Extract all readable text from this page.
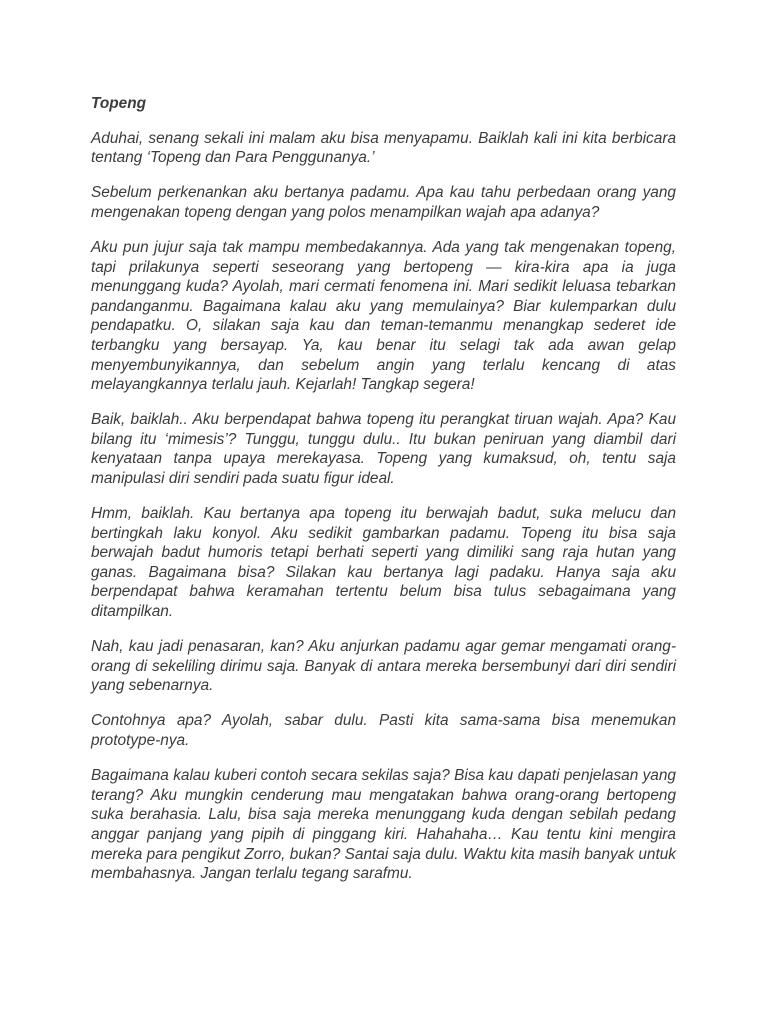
Topeng

Aduhai, senang sekali ini malam aku bisa menyapamu. Baiklah kali ini kita berbicara tentang ‘Topeng dan Para Penggunanya.’

Sebelum perkenankan aku bertanya padamu. Apa kau tahu perbedaan orang yang mengenakan topeng dengan yang polos menampilkan wajah apa adanya?

Aku pun jujur saja tak mampu membedakannya. Ada yang tak mengenakan topeng, tapi prilakunya seperti seseorang yang bertopeng — kira-kira apa ia juga menunggang kuda? Ayolah, mari cermati fenomena ini. Mari sedikit leluasa tebarkan pandanganmu. Bagaimana kalau aku yang memulainya? Biar kulemparkan dulu pendapatku. O, silakan saja kau dan teman-temanmu menangkap sederet ide terbangku yang bersayap. Ya, kau benar itu selagi tak ada awan gelap menyembunyikannya, dan sebelum angin yang terlalu kencang di atas melayangkannya terlalu jauh. Kejarlah! Tangkap segera!

Baik, baiklah.. Aku berpendapat bahwa topeng itu perangkat tiruan wajah. Apa? Kau bilang itu ‘mimesis’? Tunggu, tunggu dulu.. Itu bukan peniruan yang diambil dari kenyataan tanpa upaya merekayasa. Topeng yang kumaksud, oh, tentu saja manipulasi diri sendiri pada suatu figur ideal.

Hmm, baiklah. Kau bertanya apa topeng itu berwajah badut, suka melucu dan bertingkah laku konyol. Aku sedikit gambarkan padamu. Topeng itu bisa saja berwajah badut humoris tetapi berhati seperti yang dimiliki sang raja hutan yang ganas. Bagaimana bisa? Silakan kau bertanya lagi padaku. Hanya saja aku berpendapat bahwa keramahan tertentu belum bisa tulus sebagaimana yang ditampilkan.

Nah, kau jadi penasaran, kan? Aku anjurkan padamu agar gemar mengamati orang-orang di sekeliling dirimu saja. Banyak di antara mereka bersembunyi dari diri sendiri yang sebenarnya.

Contohnya apa? Ayolah, sabar dulu. Pasti kita sama-sama bisa menemukan prototype-nya.

Bagaimana kalau kuberi contoh secara sekilas saja? Bisa kau dapati penjelasan yang terang? Aku mungkin cenderung mau mengatakan bahwa orang-orang bertopeng suka berahasia. Lalu, bisa saja mereka menunggang kuda dengan sebilah pedang anggar panjang yang pipih di pinggang kiri. Hahahaha… Kau tentu kini mengira mereka para pengikut Zorro, bukan? Santai saja dulu. Waktu kita masih banyak untuk membahasnya. Jangan terlalu tegang sarafmu.
